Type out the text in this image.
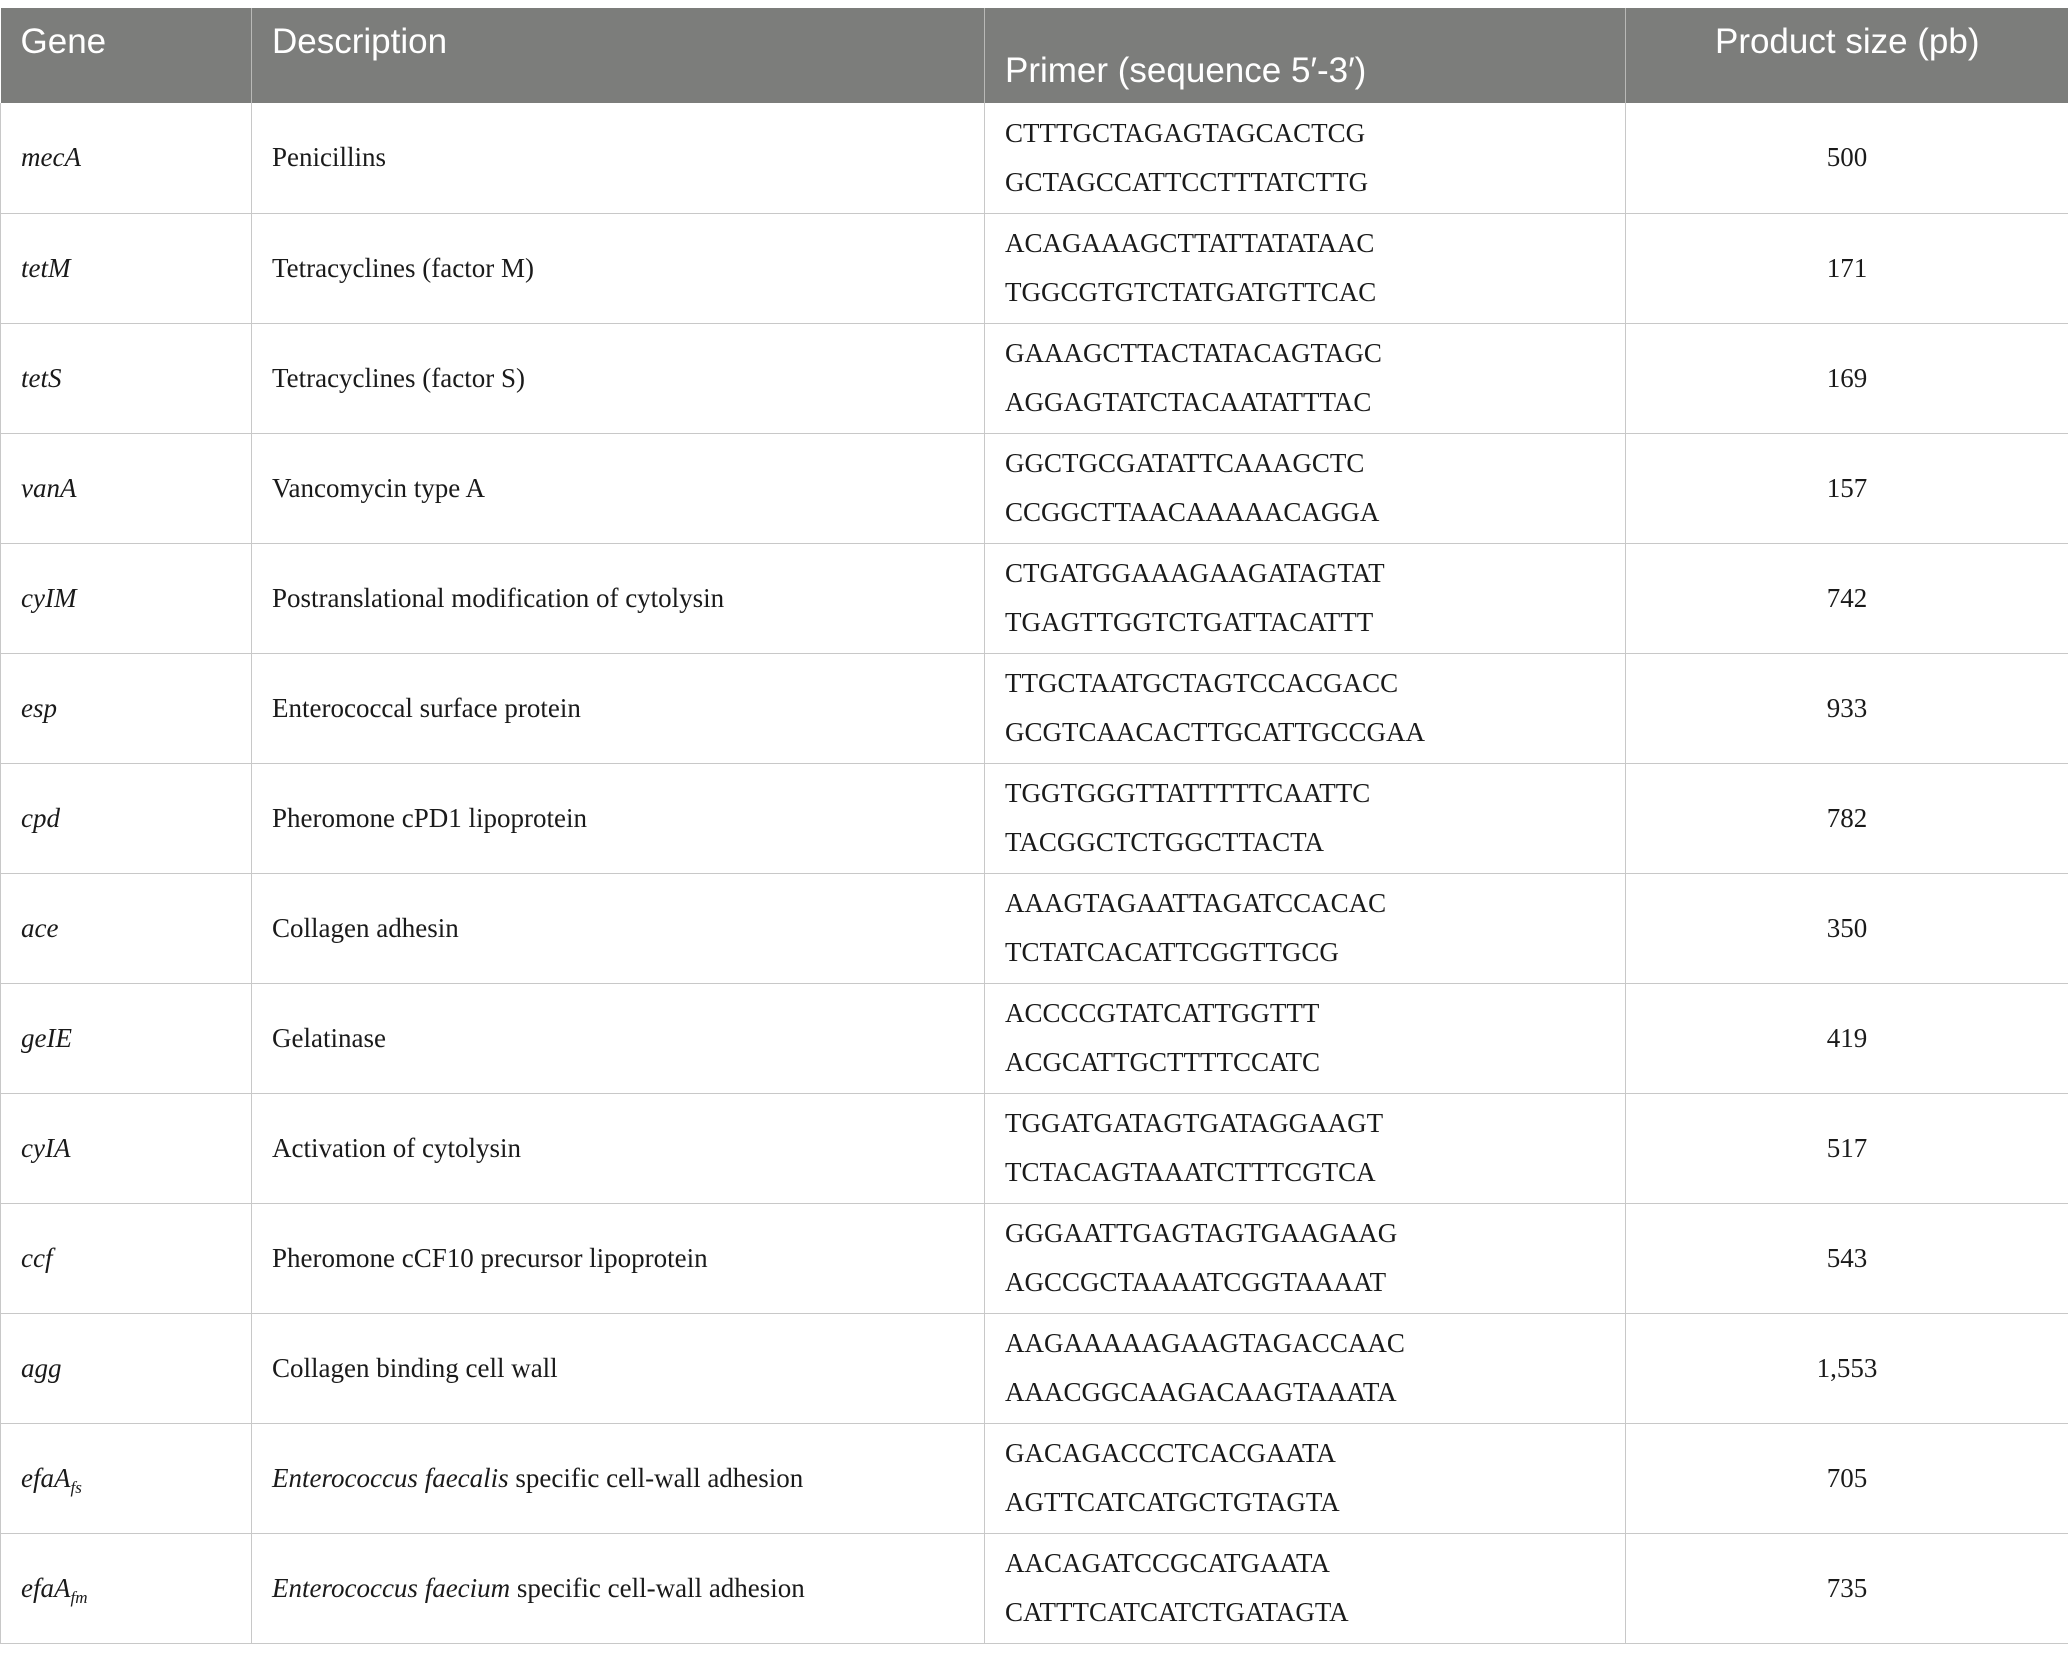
Gene	Description	Primer (sequence 5′-3′)	Product size (pb)
mecA	Penicillins	CTTTGCTAGAGTAGCACTCG
GCTAGCCATTCCTTTATCTTG	500
tetM	Tetracyclines (factor M)	ACAGAAAGCTTATTATATAAC
TGGCGTGTCTATGATGTTCAC	171
tetS	Tetracyclines (factor S)	GAAAGCTTACTATACAGTAGC
AGGAGTATCTACAATATTTAC	169
vanA	Vancomycin type A	GGCTGCGATATTCAAAGCTC
CCGGCTTAACAAAAACAGGA	157
cyIM	Postranslational modification of cytolysin	CTGATGGAAAGAAGATAGTAT
TGAGTTGGTCTGATTACATTT	742
esp	Enterococcal surface protein	TTGCTAATGCTAGTCCACGACC
GCGTCAACACTTGCATTGCCGAA	933
cpd	Pheromone cPD1 lipoprotein	TGGTGGGTTATTTTTCAATTC
TACGGCTCTGGCTTACTA	782
ace	Collagen adhesin	AAAGTAGAATTAGATCCACAC
TCTATCACATTCGGTTGCG	350
geIE	Gelatinase	ACCCCGTATCATTGGTTT
ACGCATTGCTTTTCCATC	419
cyIA	Activation of cytolysin	TGGATGATAGTGATAGGAAGT
TCTACAGTAAATCTTTCGTCA	517
ccf	Pheromone cCF10 precursor lipoprotein	GGGAATTGAGTAGTGAAGAAG
AGCCGCTAAAATCGGTAAAAT	543
agg	Collagen binding cell wall	AAGAAAAAGAAGTAGACCAAC
AAACGGCAAGACAAGTAAATA	1,553
efaA$_{fs}$	Enterococcus faecalis specific cell-wall adhesion	GACAGACCCTCACGAATA
AGTTCATCATGCTGTAGTA	705
efaA$_{fm}$	Enterococcus faecium specific cell-wall adhesion	AACAGATCCGCATGAATA
CATTTCATCATCTGATAGTA	735
